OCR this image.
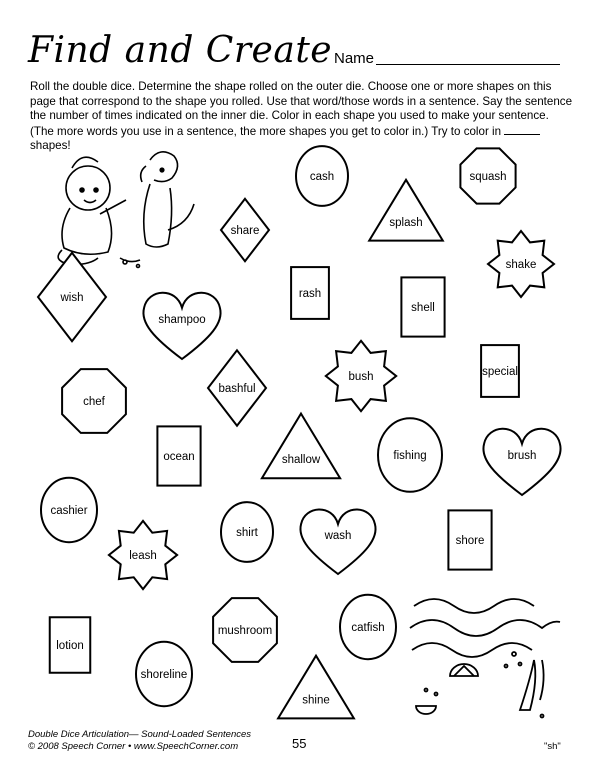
Find and Create Name
Roll the double dice. Determine the shape rolled on the outer die. Choose one or more shapes on this page that correspond to the shape you rolled. Use that word/those words in a sentence. Say the sentence the number of times indicated on the inner die. Color in each shape you used to make your sentence. (The more words you use in a sentence, the more shapes you get to color in.) Try to color in  shapes!
cash	squash
share
splash
shake
rash
wish
shell
shampoo
special
bush
bashful
chef
ocean	shallow	fishing	brush
cashier
shirt	wash	shore
leash
mushroom	catfish
lotion
shoreline
shine
Double Dice Articulation— Sound-Loaded Sentences
© 2008 Speech Corner • www.SpeechCorner.com	55	"sh"
